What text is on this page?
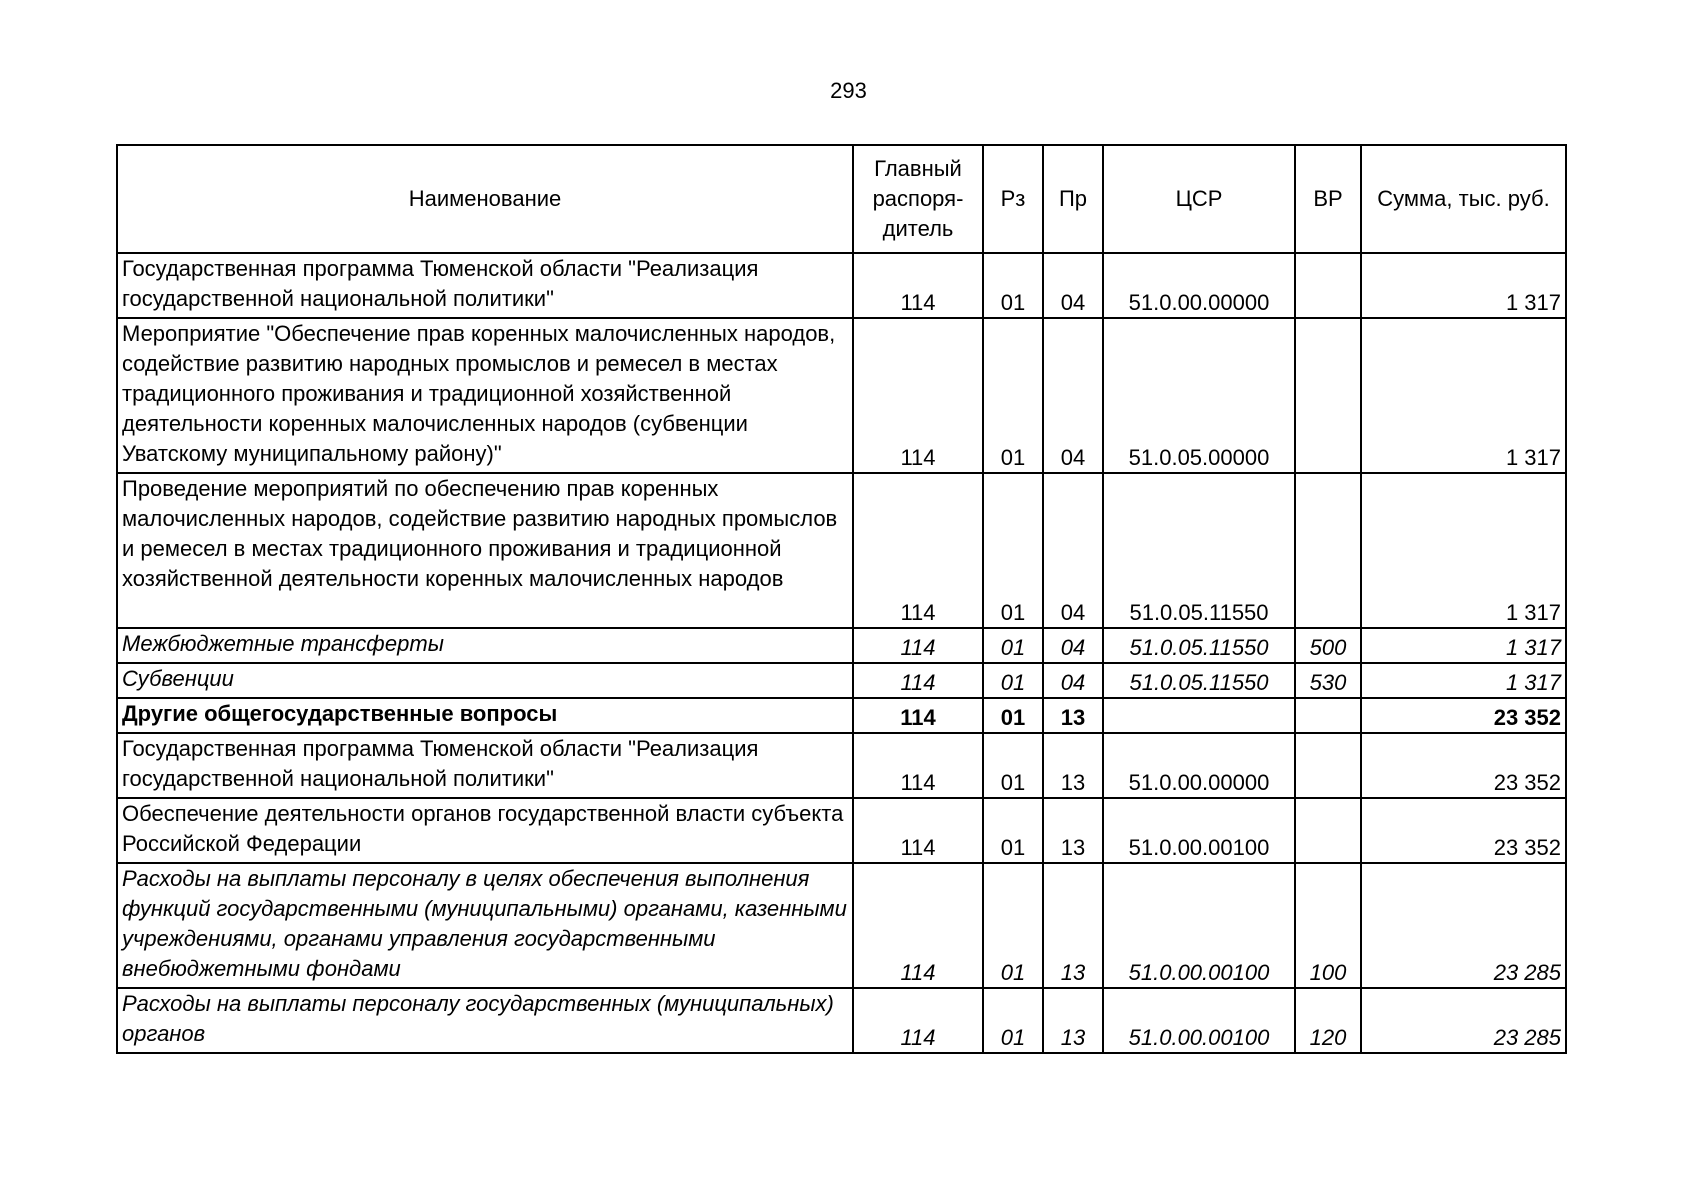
293
Наименование	Главный распоря-дитель	Рз	Пр	ЦСР	ВР	Сумма, тыс. руб.
Государственная программа Тюменской области "Реализация государственной национальной политики"	114	01	04	51.0.00.00000		1 317
Мероприятие "Обеспечение прав коренных малочисленных народов, содействие развитию народных промыслов и ремесел в местах традиционного проживания и традиционной хозяйственной деятельности коренных малочисленных народов (субвенции Уватскому муниципальному району)"	114	01	04	51.0.05.00000		1 317
Проведение мероприятий по обеспечению прав коренных малочисленных народов, содействие развитию народных промыслов и ремесел в местах традиционного проживания и традиционной хозяйственной деятельности коренных малочисленных народов	114	01	04	51.0.05.11550		1 317
Межбюджетные трансферты	114	01	04	51.0.05.11550	500	1 317
Субвенции	114	01	04	51.0.05.11550	530	1 317
Другие общегосударственные вопросы	114	01	13			23 352
Государственная программа Тюменской области "Реализация государственной национальной политики"	114	01	13	51.0.00.00000		23 352
Обеспечение деятельности органов государственной власти субъекта Российской Федерации	114	01	13	51.0.00.00100		23 352
Расходы на выплаты персоналу в целях обеспечения выполнения функций государственными (муниципальными) органами, казенными учреждениями, органами управления государственными внебюджетными фондами	114	01	13	51.0.00.00100	100	23 285
Расходы на выплаты персоналу государственных (муниципальных) органов	114	01	13	51.0.00.00100	120	23 285
